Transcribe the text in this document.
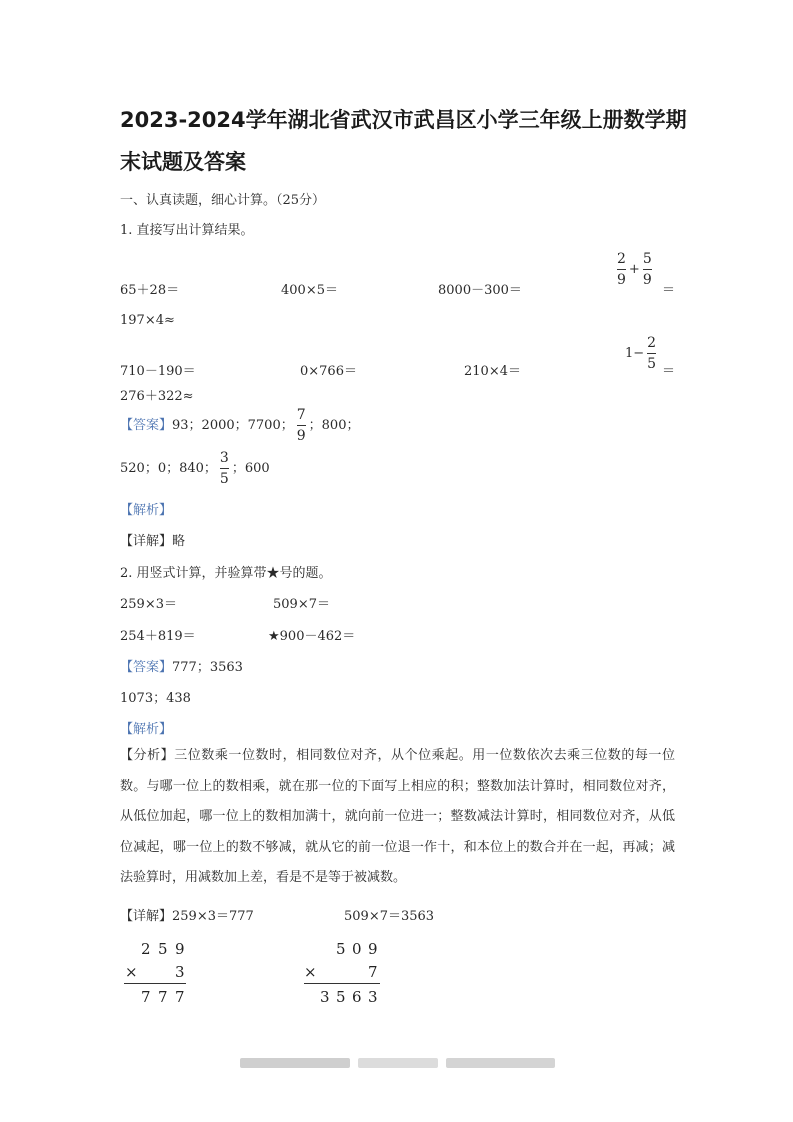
2023-2024学年湖北省武汉市武昌区小学三年级上册数学期
末试题及答案
一、认真读题，细心计算。（25分）
1. 直接写出计算结果。
65＋28＝	400×5＝	8000－300＝
$\frac{2}{9} + \frac{5}{9}$
＝
197×4≈
710－190＝	0×766＝	210×4＝
$1- \frac{2}{5}$
＝
276＋322≈
【答案】93；2000；7700； $\frac{7}{9}$ ；800；
520；0；840； $\frac{3}{5}$ ；600
【解析】
【详解】略
2. 用竖式计算，并验算带★号的题。
259×3＝	509×7＝
254＋819＝	★900－462＝
【答案】777；3563
1073；438
【解析】
【分析】三位数乘一位数时，相同数位对齐，从个位乘起。用一位数依次去乘三位数的每一位数。与哪一位上的数相乘，就在那一位的下面写上相应的积；整数加法计算时，相同数位对齐，从低位加起，哪一位上的数相加满十，就向前一位进一；整数减法计算时，相同数位对齐，从低位减起，哪一位上的数不够减，就从它的前一位退一作十，和本位上的数合并在一起，再减；减法验算时，用减数加上差，看是不是等于被减数。
【详解】259×3＝777	509×7＝3563
2 5 9
× 3
7 7 7
5 0 9
×	7
3 5 6 3
